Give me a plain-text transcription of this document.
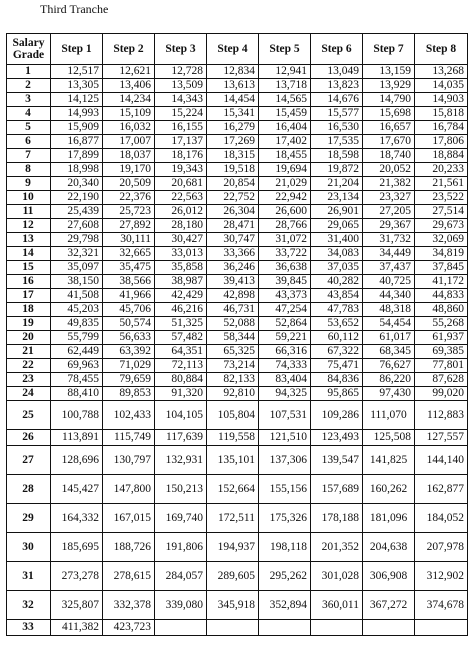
Third Tranche
Salary Grade	Step 1	Step 2	Step 3	Step 4	Step 5	Step 6	Step 7	Step 8
1	12,517	12,621	12,728	12,834	12,941	13,049	13,159	13,268
2	13,305	13,406	13,509	13,613	13,718	13,823	13,929	14,035
3	14,125	14,234	14,343	14,454	14,565	14,676	14,790	14,903
4	14,993	15,109	15,224	15,341	15,459	15,577	15,698	15,818
5	15,909	16,032	16,155	16,279	16,404	16,530	16,657	16,784
6	16,877	17,007	17,137	17,269	17,402	17,535	17,670	17,806
7	17,899	18,037	18,176	18,315	18,455	18,598	18,740	18,884
8	18,998	19,170	19,343	19,518	19,694	19,872	20,052	20,233
9	20,340	20,509	20,681	20,854	21,029	21,204	21,382	21,561
10	22,190	22,376	22,563	22,752	22,942	23,134	23,327	23,522
11	25,439	25,723	26,012	26,304	26,600	26,901	27,205	27,514
12	27,608	27,892	28,180	28,471	28,766	29,065	29,367	29,673
13	29,798	30,111	30,427	30,747	31,072	31,400	31,732	32,069
14	32,321	32,665	33,013	33,366	33,722	34,083	34,449	34,819
15	35,097	35,475	35,858	36,246	36,638	37,035	37,437	37,845
16	38,150	38,566	38,987	39,413	39,845	40,282	40,725	41,172
17	41,508	41,966	42,429	42,898	43,373	43,854	44,340	44,833
18	45,203	45,706	46,216	46,731	47,254	47,783	48,318	48,860
19	49,835	50,574	51,325	52,088	52,864	53,652	54,454	55,268
20	55,799	56,633	57,482	58,344	59,221	60,112	61,017	61,937
21	62,449	63,392	64,351	65,325	66,316	67,322	68,345	69,385
22	69,963	71,029	72,113	73,214	74,333	75,471	76,627	77,801
23	78,455	79,659	80,884	82,133	83,404	84,836	86,220	87,628
24	88,410	89,853	91,320	92,810	94,325	95,865	97,430	99,020
25	100,788	102,433	104,105	105,804	107,531	109,286	111,070	112,883
26	113,891	115,749	117,639	119,558	121,510	123,493	125,508	127,557
27	128,696	130,797	132,931	135,101	137,306	139,547	141,825	144,140
28	145,427	147,800	150,213	152,664	155,156	157,689	160,262	162,877
29	164,332	167,015	169,740	172,511	175,326	178,188	181,096	184,052
30	185,695	188,726	191,806	194,937	198,118	201,352	204,638	207,978
31	273,278	278,615	284,057	289,605	295,262	301,028	306,908	312,902
32	325,807	332,378	339,080	345,918	352,894	360,011	367,272	374,678
33	411,382	423,723						
